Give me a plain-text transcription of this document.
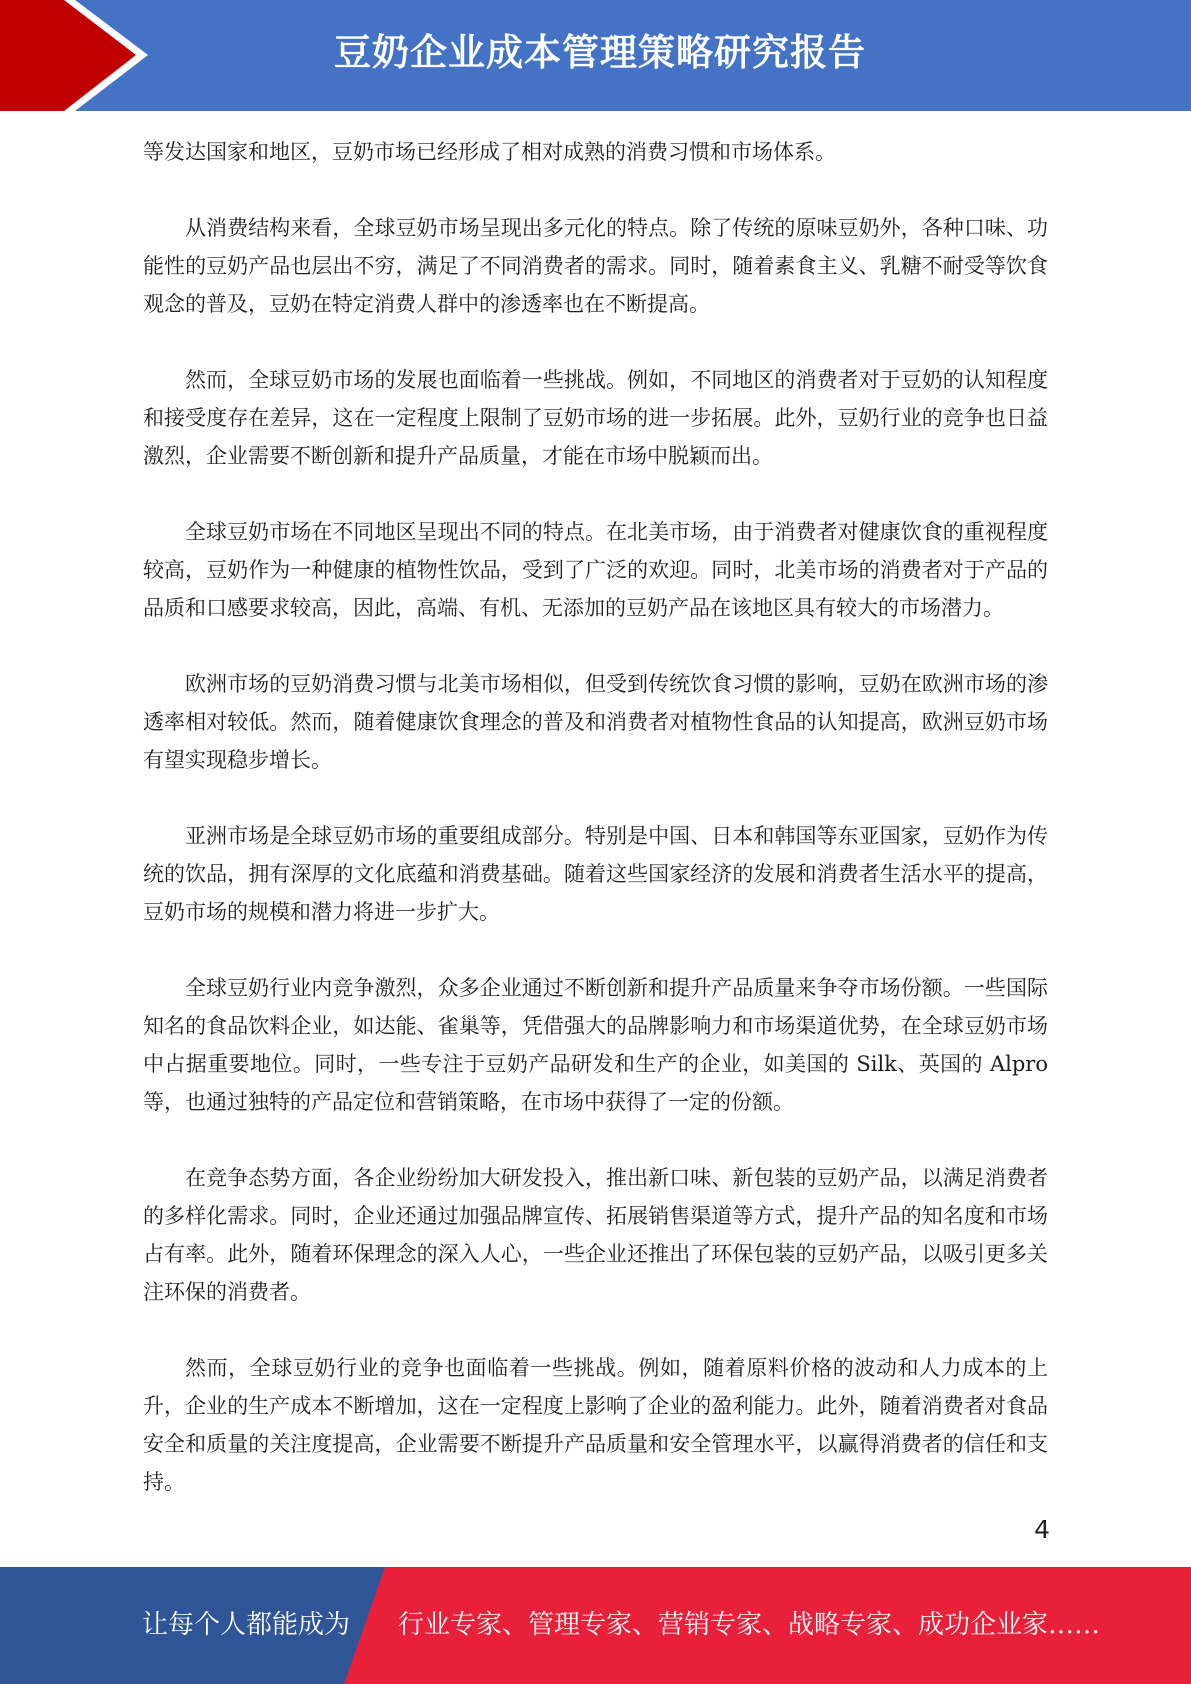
豆奶企业成本管理策略研究报告

等发达国家和地区，豆奶市场已经形成了相对成熟的消费习惯和市场体系。

从消费结构来看，全球豆奶市场呈现出多元化的特点。除了传统的原味豆奶外，各种口味、功能性的豆奶产品也层出不穷，满足了不同消费者的需求。同时，随着素食主义、乳糖不耐受等饮食观念的普及，豆奶在特定消费人群中的渗透率也在不断提高。

然而，全球豆奶市场的发展也面临着一些挑战。例如，不同地区的消费者对于豆奶的认知程度和接受度存在差异，这在一定程度上限制了豆奶市场的进一步拓展。此外，豆奶行业的竞争也日益激烈，企业需要不断创新和提升产品质量，才能在市场中脱颖而出。

全球豆奶市场在不同地区呈现出不同的特点。在北美市场，由于消费者对健康饮食的重视程度较高，豆奶作为一种健康的植物性饮品，受到了广泛的欢迎。同时，北美市场的消费者对于产品的品质和口感要求较高，因此，高端、有机、无添加的豆奶产品在该地区具有较大的市场潜力。

欧洲市场的豆奶消费习惯与北美市场相似，但受到传统饮食习惯的影响，豆奶在欧洲市场的渗透率相对较低。然而，随着健康饮食理念的普及和消费者对植物性食品的认知提高，欧洲豆奶市场有望实现稳步增长。

亚洲市场是全球豆奶市场的重要组成部分。特别是中国、日本和韩国等东亚国家，豆奶作为传统的饮品，拥有深厚的文化底蕴和消费基础。随着这些国家经济的发展和消费者生活水平的提高，豆奶市场的规模和潜力将进一步扩大。

全球豆奶行业内竞争激烈，众多企业通过不断创新和提升产品质量来争夺市场份额。一些国际知名的食品饮料企业，如达能、雀巢等，凭借强大的品牌影响力和市场渠道优势，在全球豆奶市场中占据重要地位。同时，一些专注于豆奶产品研发和生产的企业，如美国的 Silk、英国的 Alpro 等，也通过独特的产品定位和营销策略，在市场中获得了一定的份额。

在竞争态势方面，各企业纷纷加大研发投入，推出新口味、新包装的豆奶产品，以满足消费者的多样化需求。同时，企业还通过加强品牌宣传、拓展销售渠道等方式，提升产品的知名度和市场占有率。此外，随着环保理念的深入人心，一些企业还推出了环保包装的豆奶产品，以吸引更多关注环保的消费者。

然而，全球豆奶行业的竞争也面临着一些挑战。例如，随着原料价格的波动和人力成本的上升，企业的生产成本不断增加，这在一定程度上影响了企业的盈利能力。此外，随着消费者对食品安全和质量的关注度提高，企业需要不断提升产品质量和安全管理水平，以赢得消费者的信任和支持。

4
让每个人都能成为 行业专家、管理专家、营销专家、战略专家、成功企业家……
